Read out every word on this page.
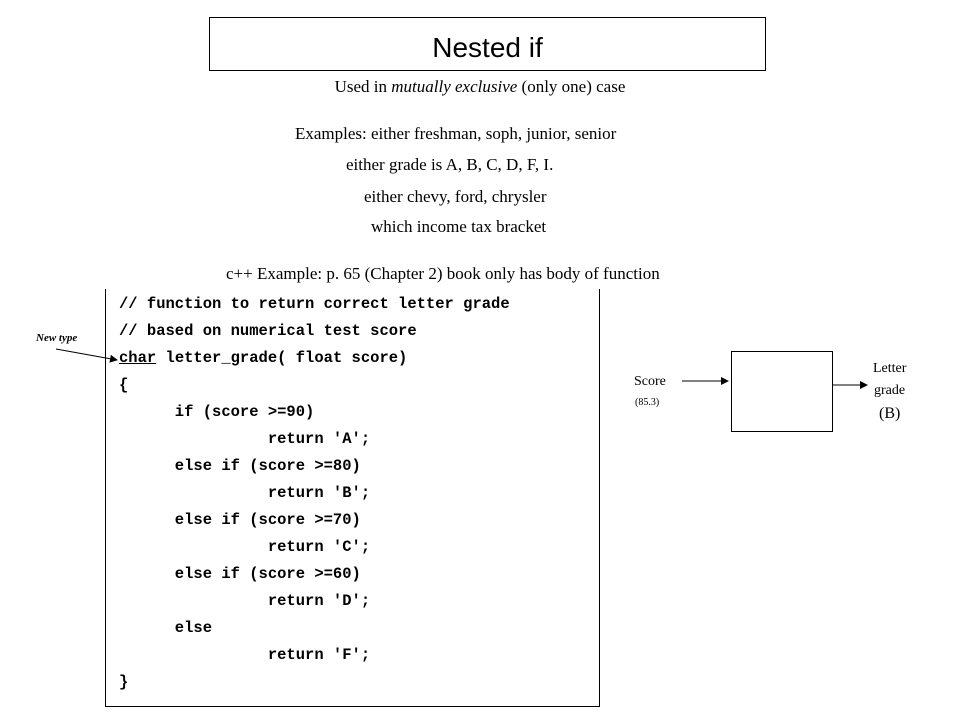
Nested if
Used in mutually exclusive (only one) case
Examples: either freshman, soph, junior, senior
either grade is A, B, C, D, F, I.
either chevy, ford, chrysler
which income tax bracket
c++ Example: p. 65 (Chapter 2) book only has body of function
// function to return correct letter grade
// based on numerical test score
char letter_grade( float score)
{
if (score >=90)
return 'A';
else if (score >=80)
return 'B';
else if (score >=70)
return 'C';
else if (score >=60)
return 'D';
else
return 'F';
}
New type
Score
(85.3)
Letter
grade
(B)
